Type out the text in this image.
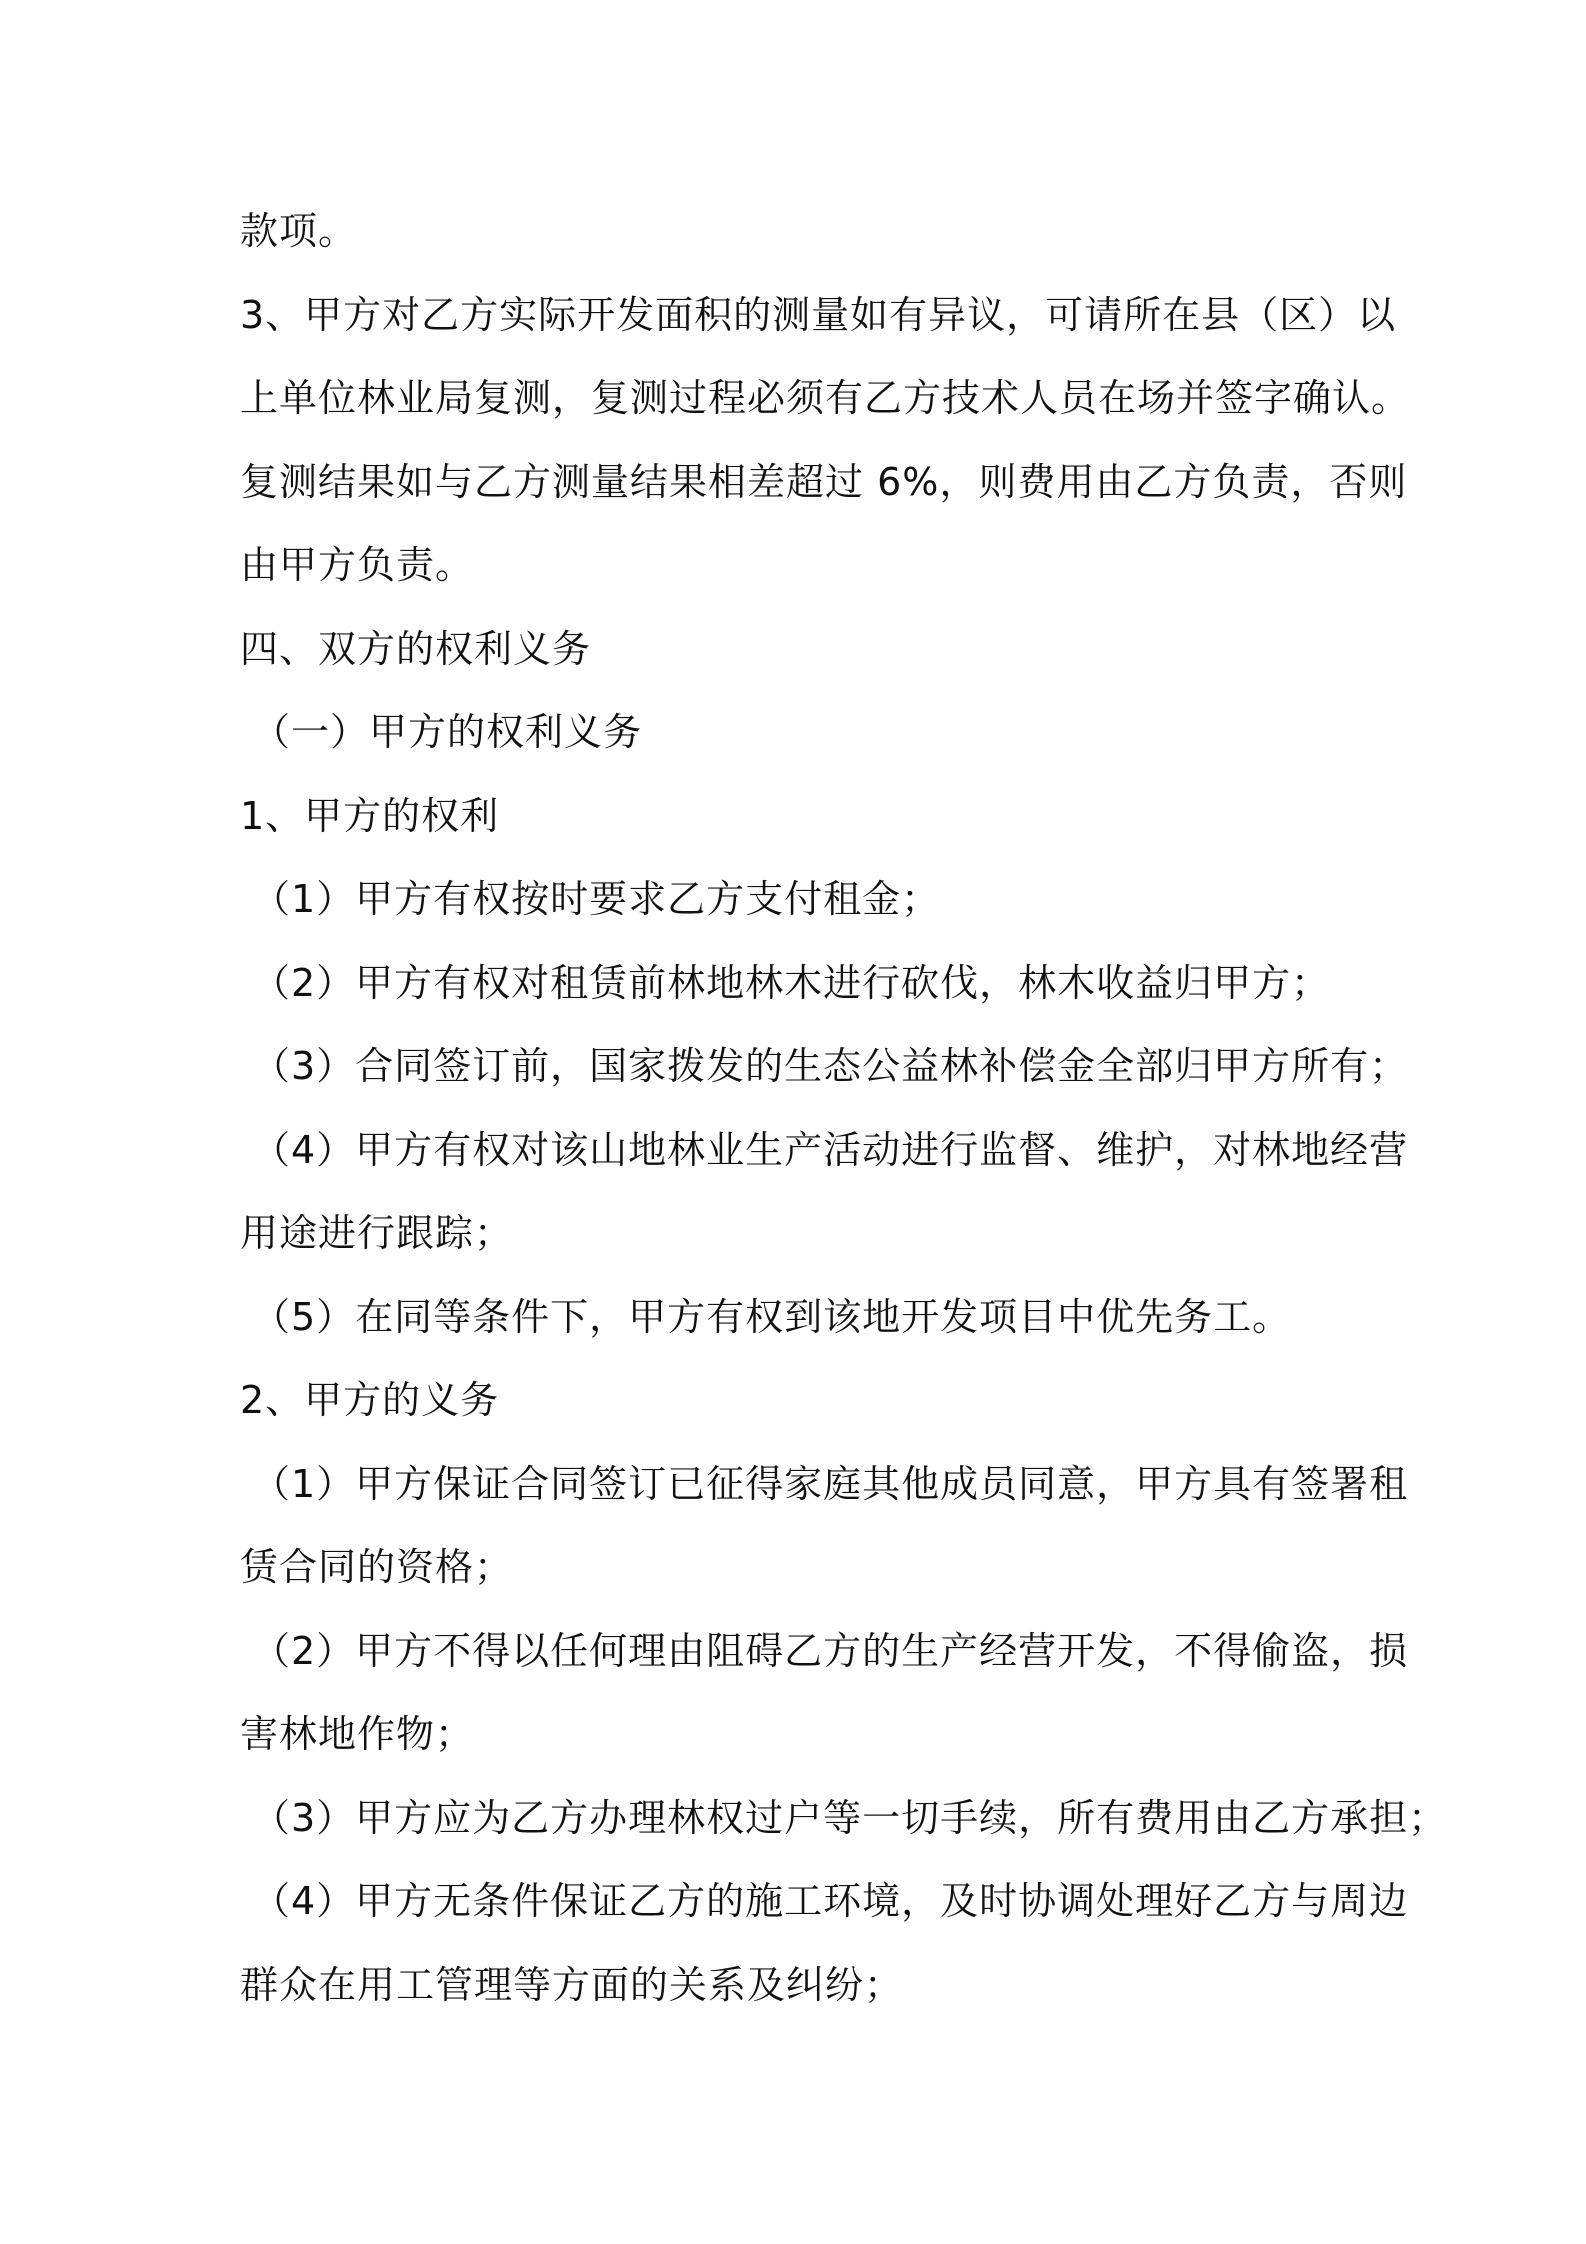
款项。

3、甲方对乙方实际开发面积的测量如有异议，可请所在县（区）以

上单位林业局复测，复测过程必须有乙方技术人员在场并签字确认。

复测结果如与乙方测量结果相差超过 6%，则费用由乙方负责，否则

由甲方负责。

四、双方的权利义务

（一）甲方的权利义务

1、甲方的权利

（1）甲方有权按时要求乙方支付租金；

（2）甲方有权对租赁前林地林木进行砍伐，林木收益归甲方；

（3）合同签订前，国家拨发的生态公益林补偿金全部归甲方所有；

（4）甲方有权对该山地林业生产活动进行监督、维护，对林地经营

用途进行跟踪；

（5）在同等条件下，甲方有权到该地开发项目中优先务工。

2、甲方的义务

（1）甲方保证合同签订已征得家庭其他成员同意，甲方具有签署租

赁合同的资格；

（2）甲方不得以任何理由阻碍乙方的生产经营开发，不得偷盗，损

害林地作物；

（3）甲方应为乙方办理林权过户等一切手续，所有费用由乙方承担；

（4）甲方无条件保证乙方的施工环境，及时协调处理好乙方与周边

群众在用工管理等方面的关系及纠纷；
